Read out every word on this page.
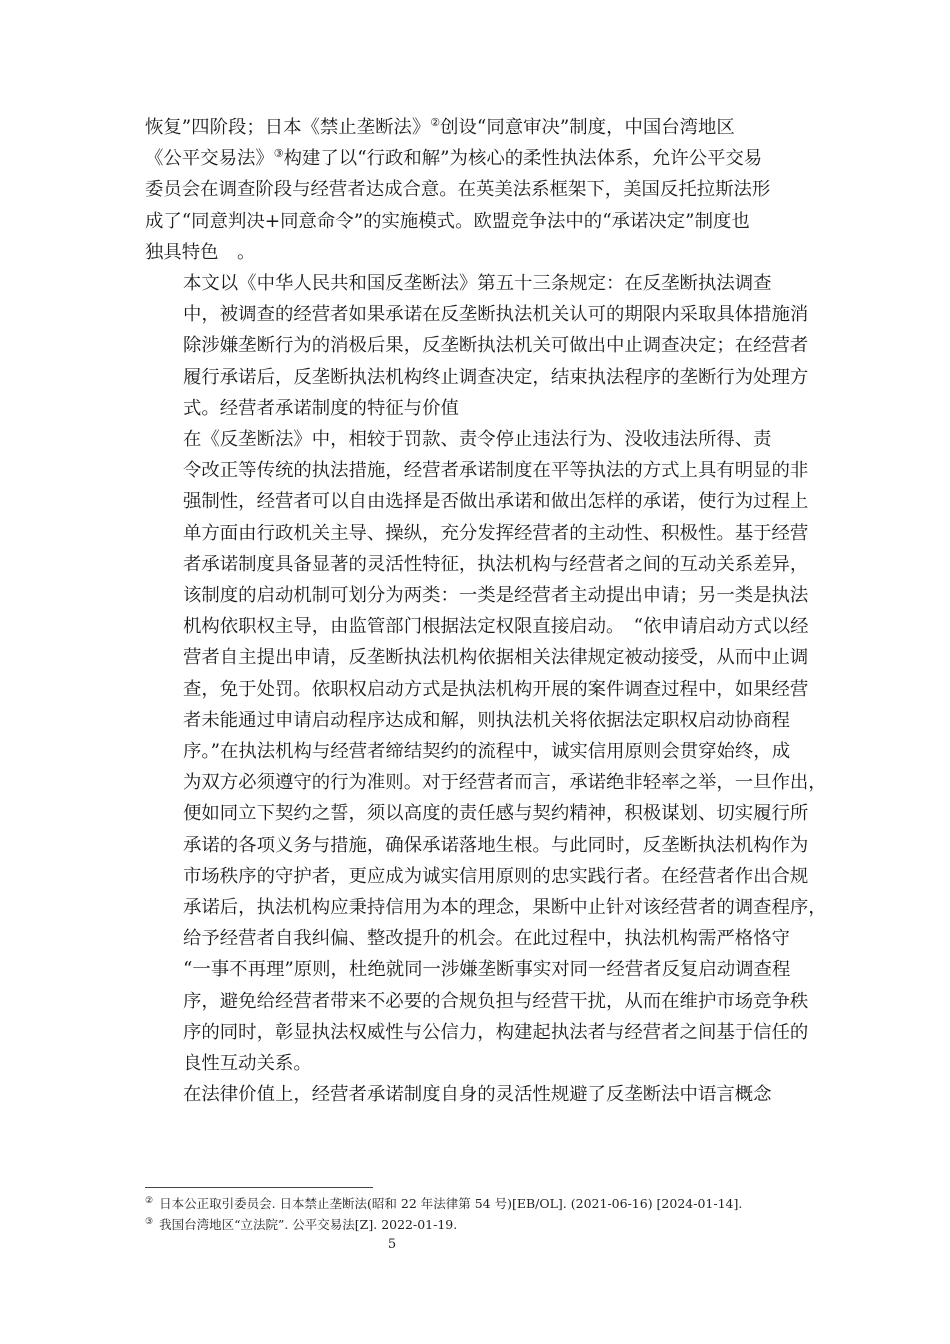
恢复”四阶段；日本《禁止垄断法》②创设“同意审决”制度，中国台湾地区
《公平交易法》③构建了以“行政和解”为核心的柔性执法体系，允许公平交易
委员会在调查阶段与经营者达成合意。在英美法系框架下，美国反托拉斯法形
成了“同意判决+同意命令”的实施模式。欧盟竞争法中的“承诺决定”制度也
独具特色　。

本文以《中华人民共和国反垄断法》第五十三条规定：在反垄断执法调查
中，被调查的经营者如果承诺在反垄断执法机关认可的期限内采取具体措施消
除涉嫌垄断行为的消极后果，反垄断执法机关可做出中止调查决定；在经营者
履行承诺后，反垄断执法机构终止调查决定，结束执法程序的垄断行为处理方
式。经营者承诺制度的特征与价值

在《反垄断法》中，相较于罚款、责令停止违法行为、没收违法所得、责
令改正等传统的执法措施，经营者承诺制度在平等执法的方式上具有明显的非
强制性，经营者可以自由选择是否做出承诺和做出怎样的承诺，使行为过程上
单方面由行政机关主导、操纵，充分发挥经营者的主动性、积极性。基于经营
者承诺制度具备显著的灵活性特征，执法机构与经营者之间的互动关系差异，
该制度的启动机制可划分为两类：一类是经营者主动提出申请；另一类是执法
机构依职权主导，由监管部门根据法定权限直接启动。　“依申请启动方式以经
营者自主提出申请，反垄断执法机构依据相关法律规定被动接受，从而中止调
查，免于处罚。依职权启动方式是执法机构开展的案件调查过程中，如果经营
者未能通过申请启动程序达成和解，则执法机关将依据法定职权启动协商程
序。”在执法机构与经营者缔结契约的流程中，诚实信用原则会贯穿始终，成
为双方必须遵守的行为准则。对于经营者而言，承诺绝非轻率之举，一旦作出，
便如同立下契约之誓，须以高度的责任感与契约精神，积极谋划、切实履行所
承诺的各项义务与措施，确保承诺落地生根。与此同时，反垄断执法机构作为
市场秩序的守护者，更应成为诚实信用原则的忠实践行者。在经营者作出合规
承诺后，执法机构应秉持信用为本的理念，果断中止针对该经营者的调查程序，
给予经营者自我纠偏、整改提升的机会。在此过程中，执法机构需严格恪守
“一事不再理”原则，杜绝就同一涉嫌垄断事实对同一经营者反复启动调查程
序，避免给经营者带来不必要的合规负担与经营干扰，从而在维护市场竞争秩
序的同时，彰显执法权威性与公信力，构建起执法者与经营者之间基于信任的
良性互动关系。

在法律价值上，经营者承诺制度自身的灵活性规避了反垄断法中语言概念

② 日本公正取引委员会. 日本禁止垄断法(昭和 22 年法律第 54 号)[EB/OL]. (2021-06-16) [2024-01-14].

③ 我国台湾地区“立法院”. 公平交易法[Z]. 2022-01-19.

5
